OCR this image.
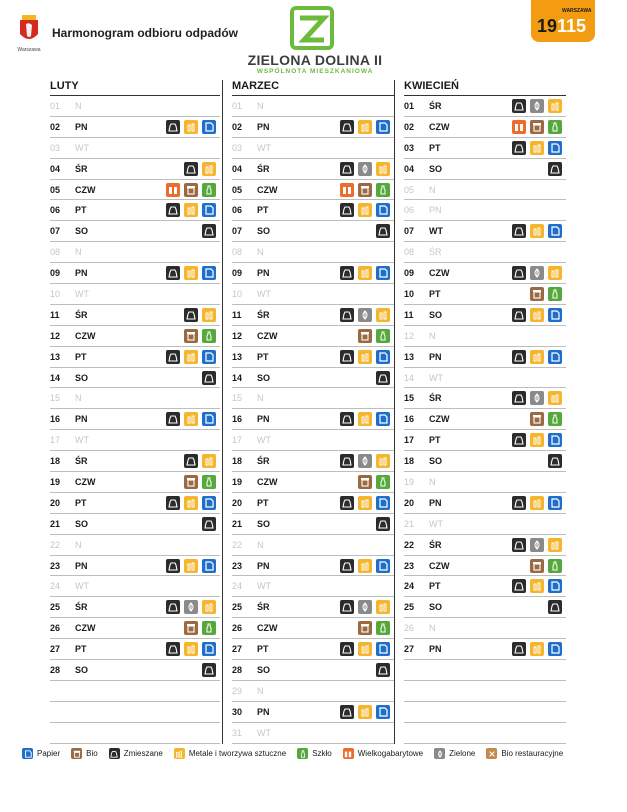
Warszawa
Harmonogram odbioru odpadów
ZIELONA DOLINA II
WSPÓLNOTA MIESZKANIOWA
WARSZAWA
19115
LUTY
01	N
02	PN
03	WT
04	ŚR
05	CZW
06	PT
07	SO
08	N
09	PN
10	WT
11	ŚR
12	CZW
13	PT
14	SO
15	N
16	PN
17	WT
18	ŚR
19	CZW
20	PT
21	SO
22	N
23	PN
24	WT
25	ŚR
26	CZW
27	PT
28	SO
MARZEC
01	N
02	PN
03	WT
04	ŚR
05	CZW
06	PT
07	SO
08	N
09	PN
10	WT
11	ŚR
12	CZW
13	PT
14	SO
15	N
16	PN
17	WT
18	ŚR
19	CZW
20	PT
21	SO
22	N
23	PN
24	WT
25	ŚR
26	CZW
27	PT
28	SO
29	N
30	PN
31	WT
KWIECIEŃ
01	ŚR
02	CZW
03	PT
04	SO
05	N
06	PN
07	WT
08	ŚR
09	CZW
10	PT
11	SO
12	N
13	PN
14	WT
15	ŚR
16	CZW
17	PT
18	SO
19	N
20	PN
21	WT
22	ŚR
23	CZW
24	PT
25	SO
26	N
27	PN
Papier	Bio	Zmieszane	Metale i tworzywa sztuczne	Szkło	Wielkogabarytowe	Zielone	Bio restauracyjne
